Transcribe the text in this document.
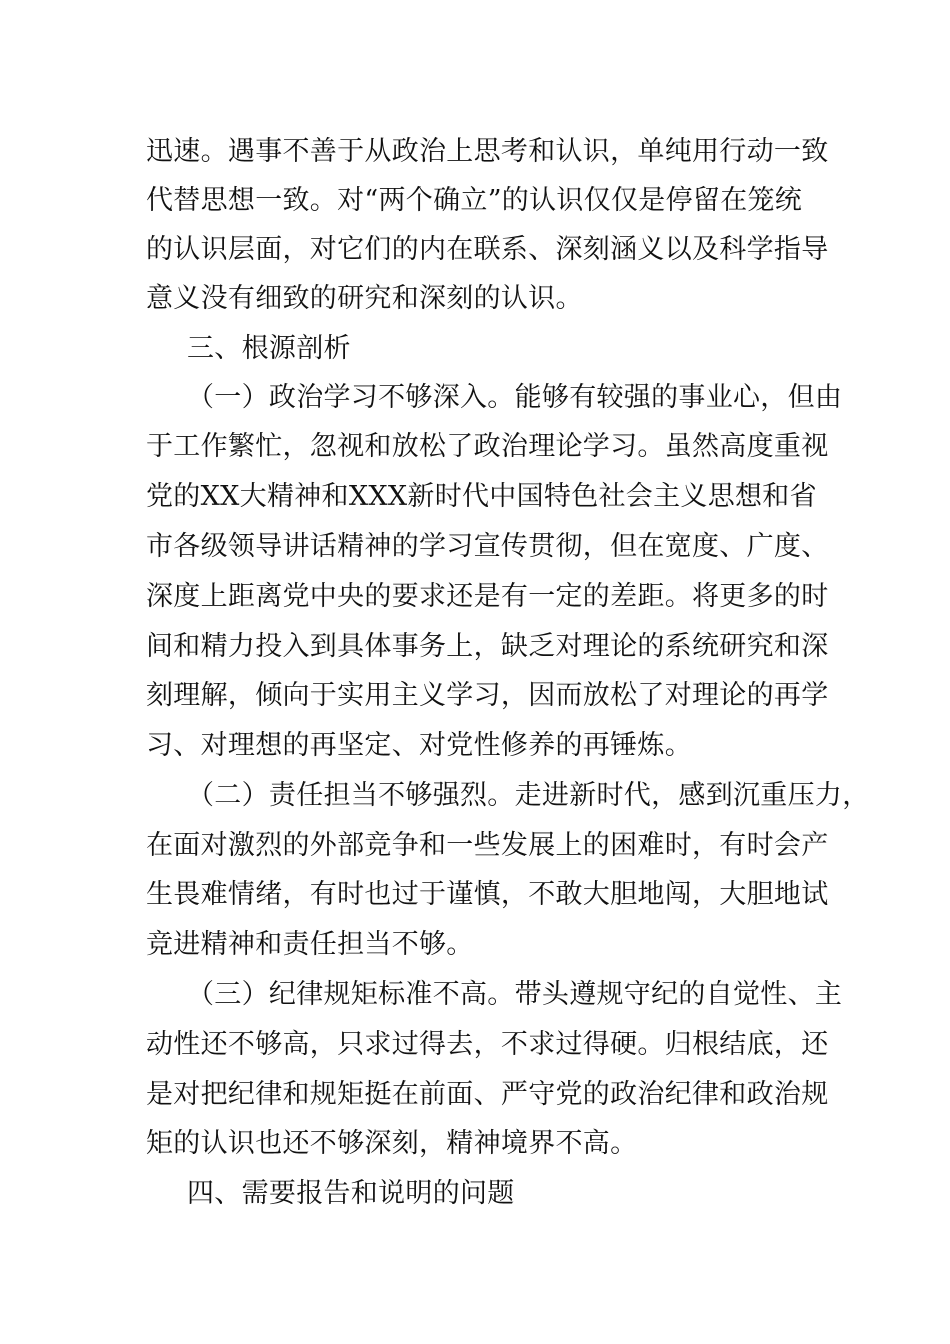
迅速。遇事不善于从政治上思考和认识，单纯用行动一致
代替思想一致。对“两个确立”的认识仅仅是停留在笼统
的认识层面，对它们的内在联系、深刻涵义以及科学指导
意义没有细致的研究和深刻的认识。
三、根源剖析
（一）政治学习不够深入。能够有较强的事业心，但由
于工作繁忙，忽视和放松了政治理论学习。虽然高度重视
党的XX大精神和XXX新时代中国特色社会主义思想和省
市各级领导讲话精神的学习宣传贯彻，但在宽度、广度、
深度上距离党中央的要求还是有一定的差距。将更多的时
间和精力投入到具体事务上，缺乏对理论的系统研究和深
刻理解，倾向于实用主义学习，因而放松了对理论的再学
习、对理想的再坚定、对党性修养的再锤炼。
（二）责任担当不够强烈。走进新时代，感到沉重压力，
在面对激烈的外部竞争和一些发展上的困难时，有时会产
生畏难情绪，有时也过于谨慎，不敢大胆地闯，大胆地试
竞进精神和责任担当不够。
（三）纪律规矩标准不高。带头遵规守纪的自觉性、主
动性还不够高，只求过得去，不求过得硬。归根结底，还
是对把纪律和规矩挺在前面、严守党的政治纪律和政治规
矩的认识也还不够深刻，精神境界不高。
四、需要报告和说明的问题
